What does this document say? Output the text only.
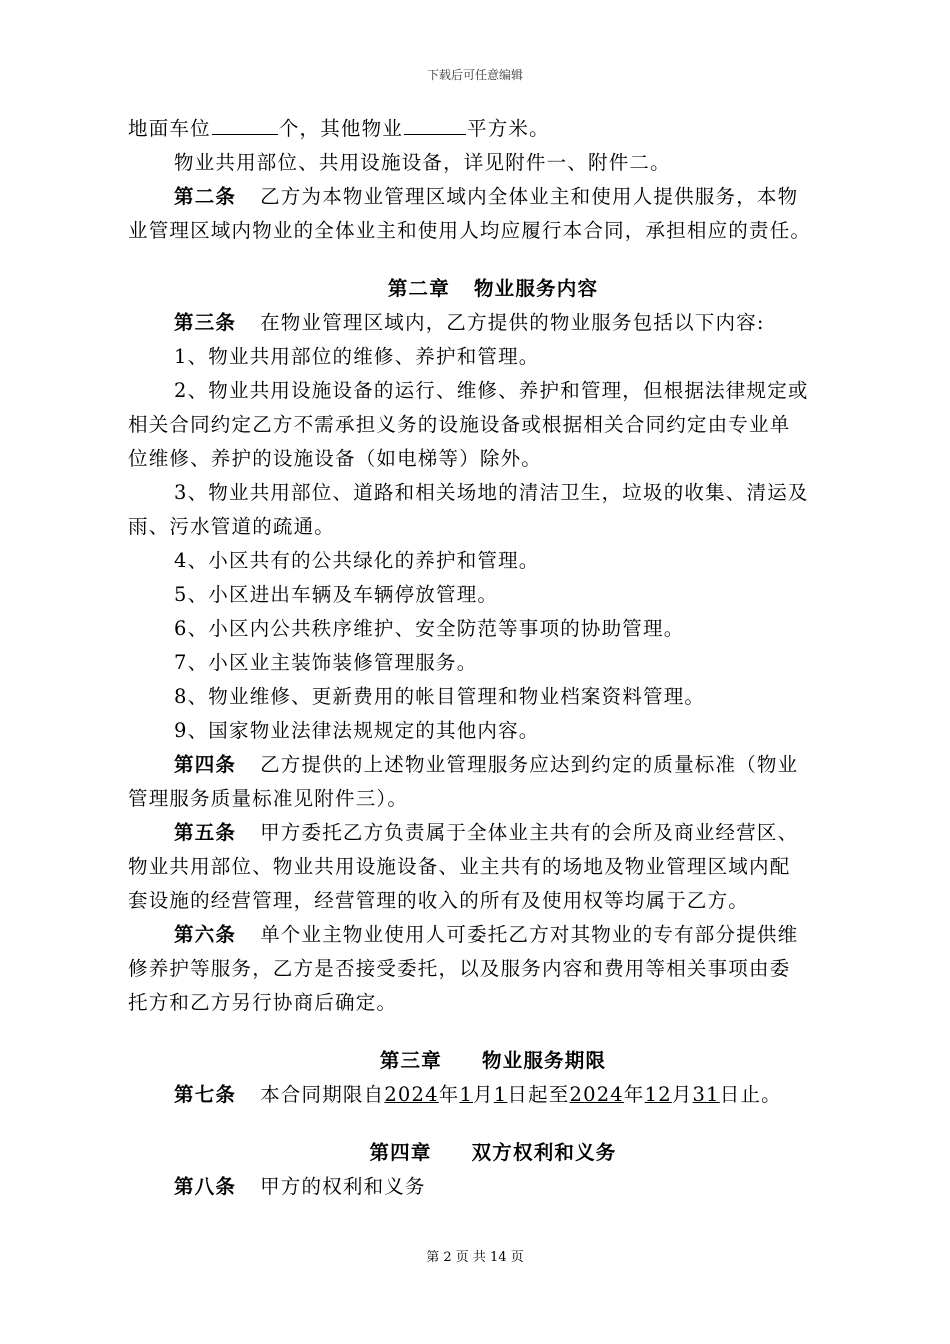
下载后可任意编辑
地面车位	个，其他物业	平方米。
物业共用部位、共用设施设备，详见附件一、附件二。
第二条 乙方为本物业管理区域内全体业主和使用人提供服务，本物
业管理区域内物业的全体业主和使用人均应履行本合同，承担相应的责任。
第二章 物业服务内容
第三条 在物业管理区域内，乙方提供的物业服务包括以下内容:
1、物业共用部位的维修、养护和管理。
2、物业共用设施设备的运行、维修、养护和管理，但根据法律规定或
相关合同约定乙方不需承担义务的设施设备或根据相关合同约定由专业单
位维修、养护的设施设备（如电梯等）除外。
3、物业共用部位、道路和相关场地的清洁卫生，垃圾的收集、清运及
雨、污水管道的疏通。
4、小区共有的公共绿化的养护和管理。
5、小区进出车辆及车辆停放管理。
6、小区内公共秩序维护、安全防范等事项的协助管理。
7、小区业主装饰装修管理服务。
8、物业维修、更新费用的帐目管理和物业档案资料管理。
9、国家物业法律法规规定的其他内容。
第四条 乙方提供的上述物业管理服务应达到约定的质量标准（物业
管理服务质量标准见附件三）。
第五条 甲方委托乙方负责属于全体业主共有的会所及商业经营区、
物业共用部位、物业共用设施设备、业主共有的场地及物业管理区域内配
套设施的经营管理，经营管理的收入的所有及使用权等均属于乙方。
第六条 单个业主物业使用人可委托乙方对其物业的专有部分提供维
修养护等服务，乙方是否接受委托，以及服务内容和费用等相关事项由委
托方和乙方另行协商后确定。
第三章 物业服务期限
第七条 本合同期限自2024年1月1日起至2024年12月31日止。
第四章 双方权利和义务
第八条 甲方的权利和义务
第 2 页 共 14 页
